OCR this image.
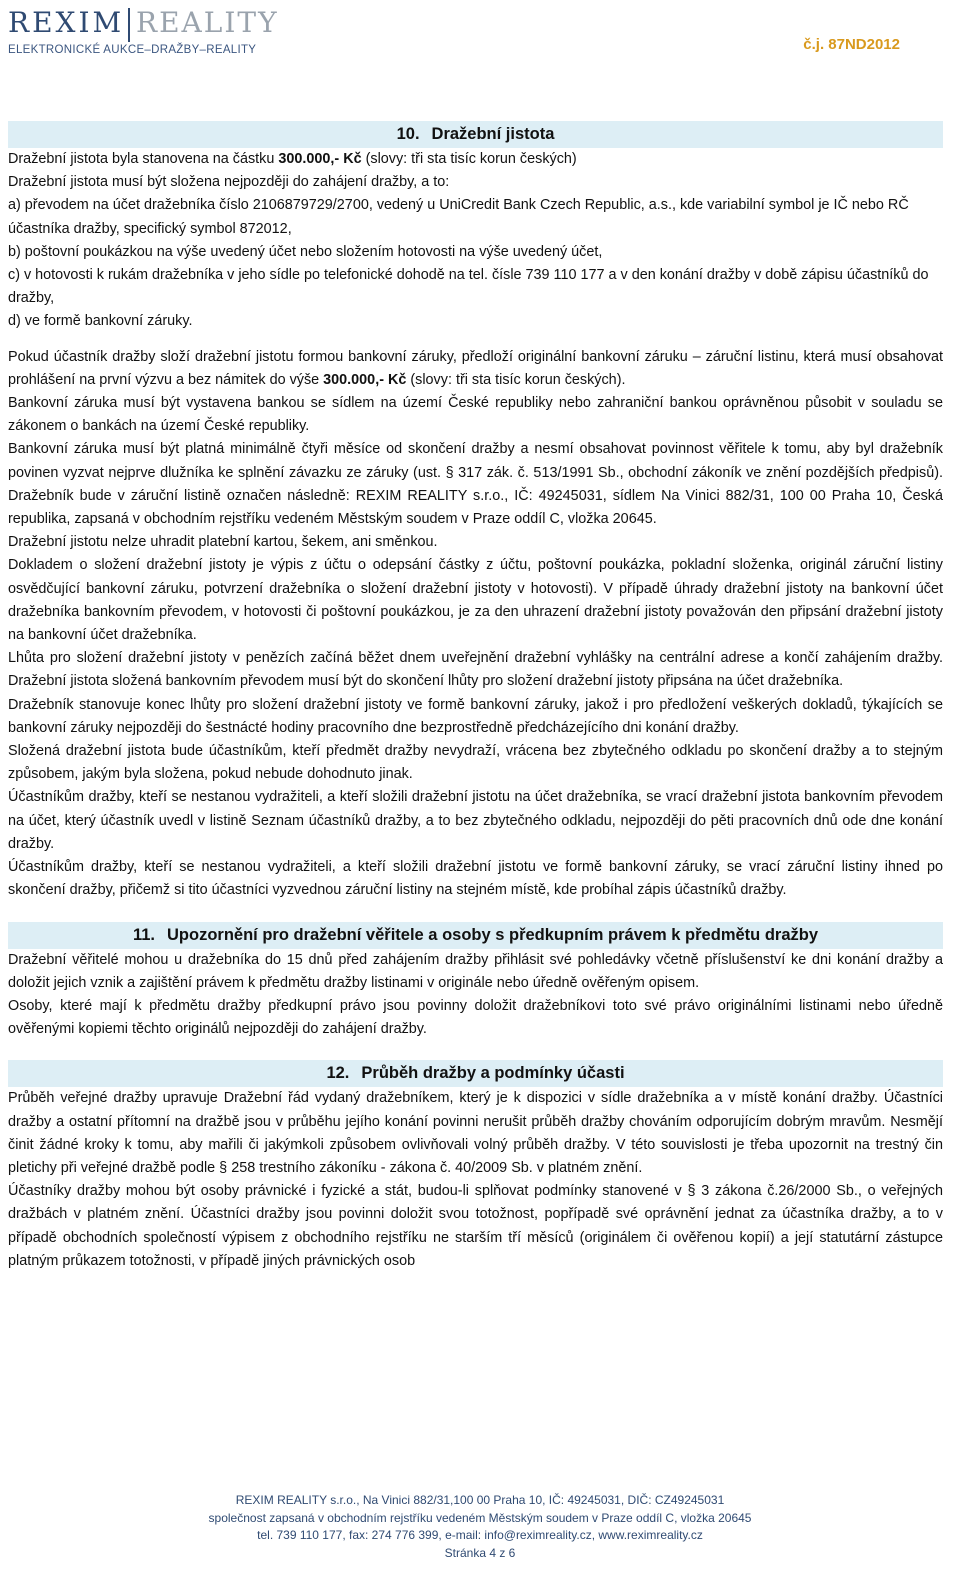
REXIM REALITY
ELEKTRONICKÉ AUKCE–DRAŽBY–REALITY	č.j. 87ND2012
10. Dražební jistota

Dražební jistota byla stanovena na částku 300.000,- Kč (slovy: tři sta tisíc korun českých)

Dražební jistota musí být složena nejpozději do zahájení dražby, a to:

a) převodem na účet dražebníka číslo 2106879729/2700, vedený u UniCredit Bank Czech Republic, a.s., kde variabilní symbol je IČ nebo RČ účastníka dražby, specifický symbol 872012,

b) poštovní poukázkou na výše uvedený účet nebo složením hotovosti na výše uvedený účet,

c) v hotovosti k rukám dražebníka v jeho sídle po telefonické dohodě na tel. čísle 739 110 177 a v den konání dražby v době zápisu účastníků do dražby,

d) ve formě bankovní záruky.

Pokud účastník dražby složí dražební jistotu formou bankovní záruky, předloží originální bankovní záruku – záruční listinu, která musí obsahovat prohlášení na první výzvu a bez námitek do výše 300.000,- Kč (slovy: tři sta tisíc korun českých).

Bankovní záruka musí být vystavena bankou se sídlem na území České republiky nebo zahraniční bankou oprávněnou působit v souladu se zákonem o bankách na území České republiky.

Bankovní záruka musí být platná minimálně čtyři měsíce od skončení dražby a nesmí obsahovat povinnost věřitele k tomu, aby byl dražebník povinen vyzvat nejprve dlužníka ke splnění závazku ze záruky (ust. § 317 zák. č. 513/1991 Sb., obchodní zákoník ve znění pozdějších předpisů). Dražebník bude v záruční listině označen následně: REXIM REALITY s.r.o., IČ: 49245031, sídlem Na Vinici 882/31, 100 00 Praha 10, Česká republika, zapsaná v obchodním rejstříku vedeném Městským soudem v Praze oddíl C, vložka 20645.

Dražební jistotu nelze uhradit platební kartou, šekem, ani směnkou.

Dokladem o složení dražební jistoty je výpis z účtu o odepsání částky z účtu, poštovní poukázka, pokladní složenka, originál záruční listiny osvědčující bankovní záruku, potvrzení dražebníka o složení dražební jistoty v hotovosti). V případě úhrady dražební jistoty na bankovní účet dražebníka bankovním převodem, v hotovosti či poštovní poukázkou, je za den uhrazení dražební jistoty považován den připsání dražební jistoty na bankovní účet dražebníka.

Lhůta pro složení dražební jistoty v penězích začíná běžet dnem uveřejnění dražební vyhlášky na centrální adrese a končí zahájením dražby. Dražební jistota složená bankovním převodem musí být do skončení lhůty pro složení dražební jistoty připsána na účet dražebníka.

Dražebník stanovuje konec lhůty pro složení dražební jistoty ve formě bankovní záruky, jakož i pro předložení veškerých dokladů, týkajících se bankovní záruky nejpozději do šestnácté hodiny pracovního dne bezprostředně předcházejícího dni konání dražby.

Složená dražební jistota bude účastníkům, kteří předmět dražby nevydraží, vrácena bez zbytečného odkladu po skončení dražby a to stejným způsobem, jakým byla složena, pokud nebude dohodnuto jinak.

Účastníkům dražby, kteří se nestanou vydražiteli, a kteří složili dražební jistotu na účet dražebníka, se vrací dražební jistota bankovním převodem na účet, který účastník uvedl v listině Seznam účastníků dražby, a to bez zbytečného odkladu, nejpozději do pěti pracovních dnů ode dne konání dražby.

Účastníkům dražby, kteří se nestanou vydražiteli, a kteří složili dražební jistotu ve formě bankovní záruky, se vrací záruční listiny ihned po skončení dražby, přičemž si tito účastníci vyzvednou záruční listiny na stejném místě, kde probíhal zápis účastníků dražby.

11. Upozornění pro dražební věřitele a osoby s předkupním právem k předmětu dražby

Dražební věřitelé mohou u dražebníka do 15 dnů před zahájením dražby přihlásit své pohledávky včetně příslušenství ke dni konání dražby a doložit jejich vznik a zajištění právem k předmětu dražby listinami v originále nebo úředně ověřeným opisem.

Osoby, které mají k předmětu dražby předkupní právo jsou povinny doložit dražebníkovi toto své právo originálními listinami nebo úředně ověřenými kopiemi těchto originálů nejpozději do zahájení dražby.

12. Průběh dražby a podmínky účasti

Průběh veřejné dražby upravuje Dražební řád vydaný dražebníkem, který je k dispozici v sídle dražebníka a v místě konání dražby. Účastníci dražby a ostatní přítomní na dražbě jsou v průběhu jejího konání povinni nerušit průběh dražby chováním odporujícím dobrým mravům. Nesmějí činit žádné kroky k tomu, aby mařili či jakýmkoli způsobem ovlivňovali volný průběh dražby. V této souvislosti je třeba upozornit na trestný čin pletichy při veřejné dražbě podle § 258 trestního zákoníku - zákona č. 40/2009 Sb. v platném znění.

Účastníky dražby mohou být osoby právnické i fyzické a stát, budou-li splňovat podmínky stanovené v § 3 zákona č.26/2000 Sb., o veřejných dražbách v platném znění. Účastníci dražby jsou povinni doložit svou totožnost, popřípadě své oprávnění jednat za účastníka dražby, a to v případě obchodních společností výpisem z obchodního rejstříku ne starším tří měsíců (originálem či ověřenou kopií) a její statutární zástupce platným průkazem totožnosti, v případě jiných právnických osob

REXIM REALITY s.r.o., Na Vinici 882/31,100 00 Praha 10, IČ: 49245031, DIČ: CZ49245031
společnost zapsaná v obchodním rejstříku vedeném Městským soudem v Praze oddíl C, vložka 20645
tel. 739 110 177, fax: 274 776 399, e-mail: info@reximreality.cz, www.reximreality.cz
Stránka 4 z 6
